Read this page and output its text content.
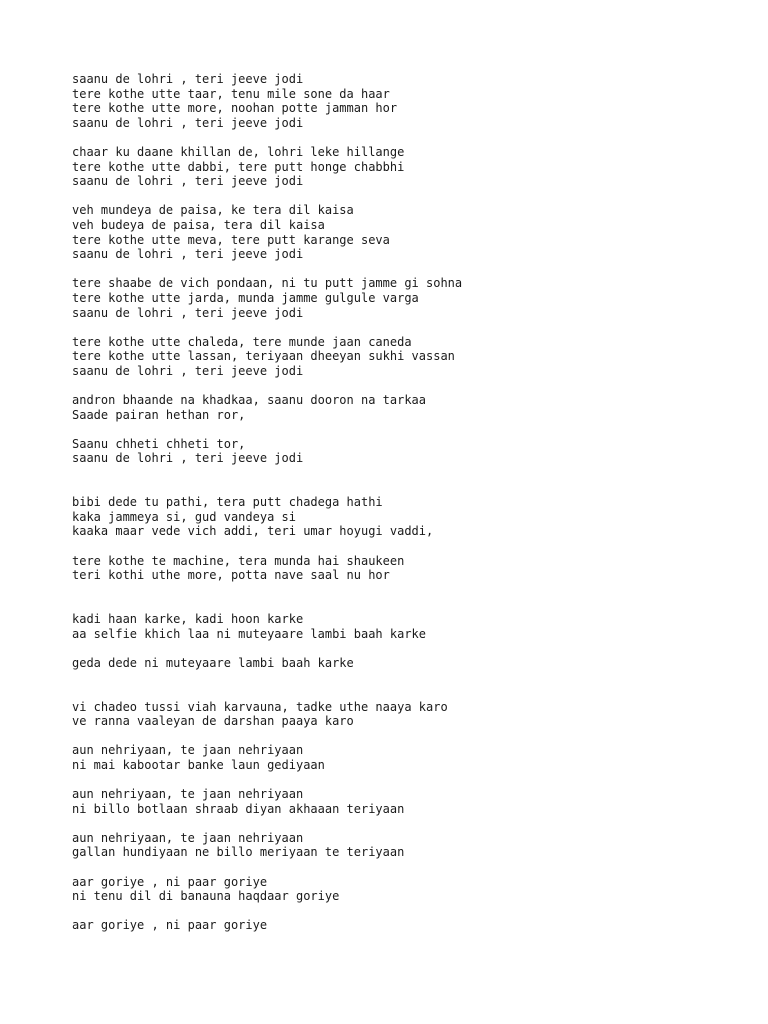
saanu de lohri , teri jeeve jodi
tere kothe utte taar, tenu mile sone da haar
tere kothe utte more, noohan potte jamman hor
saanu de lohri , teri jeeve jodi
chaar ku daane khillan de, lohri leke hillange
tere kothe utte dabbi, tere putt honge chabbhi
saanu de lohri , teri jeeve jodi
veh mundeya de paisa, ke tera dil kaisa
veh budeya de paisa, tera dil kaisa
tere kothe utte meva, tere putt karange seva
saanu de lohri , teri jeeve jodi
tere shaabe de vich pondaan, ni tu putt jamme gi sohna
tere kothe utte jarda, munda jamme gulgule varga
saanu de lohri , teri jeeve jodi
tere kothe utte chaleda, tere munde jaan caneda
tere kothe utte lassan, teriyaan dheeyan sukhi vassan
saanu de lohri , teri jeeve jodi
andron bhaande na khadkaa, saanu dooron na tarkaa
Saade pairan hethan ror,
Saanu chheti chheti tor,
saanu de lohri , teri jeeve jodi
bibi dede tu pathi, tera putt chadega hathi
kaka jammeya si, gud vandeya si
kaaka maar vede vich addi, teri umar hoyugi vaddi,
tere kothe te machine, tera munda hai shaukeen
teri kothi uthe more, potta nave saal nu hor
kadi haan karke, kadi hoon karke
aa selfie khich laa ni muteyaare lambi baah karke
geda dede ni muteyaare lambi baah karke
vi chadeo tussi viah karvauna, tadke uthe naaya karo
ve ranna vaaleyan de darshan paaya karo
aun nehriyaan, te jaan nehriyaan
ni mai kabootar banke laun gediyaan
aun nehriyaan, te jaan nehriyaan
ni billo botlaan shraab diyan akhaaan teriyaan
aun nehriyaan, te jaan nehriyaan
gallan hundiyaan ne billo meriyaan te teriyaan
aar goriye , ni paar goriye
ni tenu dil di banauna haqdaar goriye
aar goriye , ni paar goriye
